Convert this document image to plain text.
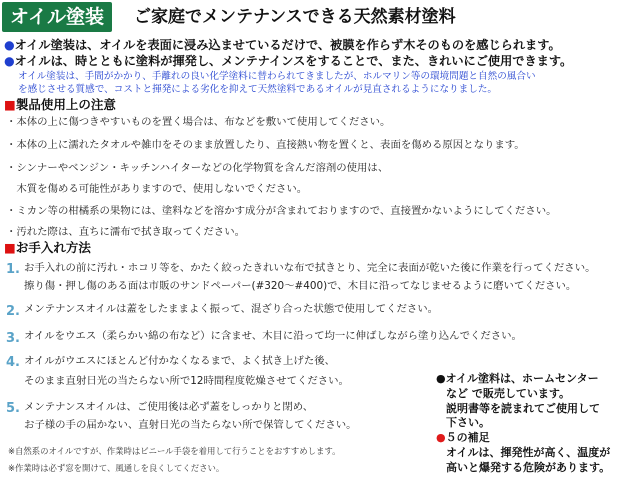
オイル塗装	ご家庭でメンテナンスできる天然素材塗料
●オイル塗装は、オイルを表面に浸み込ませているだけで、被膜を作らず木そのものを感じられます。
●オイルは、時とともに塗料が揮発し、メンテナインスをすることで、また、きれいにご使用できます。
オイル塗装は、手間がかかり、手離れの良い化学塗料に替わられてきましたが、ホルマリン等の環境問題と自然の風合い
を感じさせる質感で、コストと揮発による劣化を抑えて天然塗料であるオイルが見直されるようになりました。
■製品使用上の注意
・本体の上に傷つきやすいものを置く場合は、布などを敷いて使用してください。
・本体の上に濡れたタオルや雑巾をそのまま放置したり、直接熱い物を置くと、表面を傷める原因となります。
・シンナーやベンジン・キッチンハイターなどの化学物質を含んだ溶剤の使用は、
　木質を傷める可能性がありますので、使用しないでください。
・ミカン等の柑橘系の果物には、塗料などを溶かす成分が含まれておりますので、直接置かないようにしてください。
・汚れた際は、直ちに濡布で拭き取ってください。
■お手入れ方法
1. お手入れの前に汚れ・ホコリ等を、かたく絞ったきれいな布で拭きとり、完全に表面が乾いた後に作業を行ってください。
擦り傷・押し傷のある面は市販のサンドペーパー(#320〜#400)で、木目に沿ってなじませるように磨いてください。
2. メンテナンスオイルは蓋をしたままよく振って、混ざり合った状態で使用してください。
3. オイルをウエス（柔らかい綿の布など）に含ませ、木目に沿って均一に伸ばしながら塗り込んでください。
4. オイルがウエスにほとんど付かなくなるまで、よく拭き上げた後、
そのまま直射日光の当たらない所で12時間程度乾燥させてください。
5. メンテナンスオイルは、ご使用後は必ず蓋をしっかりと閉め、
お子様の手の届かない、直射日光の当たらない所で保管してください。
※自然系のオイルですが、作業時はビニール手袋を着用して行うことをおすすめします。
※作業時は必ず窓を開けて、風通しを良くしてください。
●オイル塗料は、ホームセンター
など で販売しています。
説明書等を読まれてご使用して
下さい。
●５の補足
オイルは、揮発性が高く、温度が
高いと爆発する危険があります。
